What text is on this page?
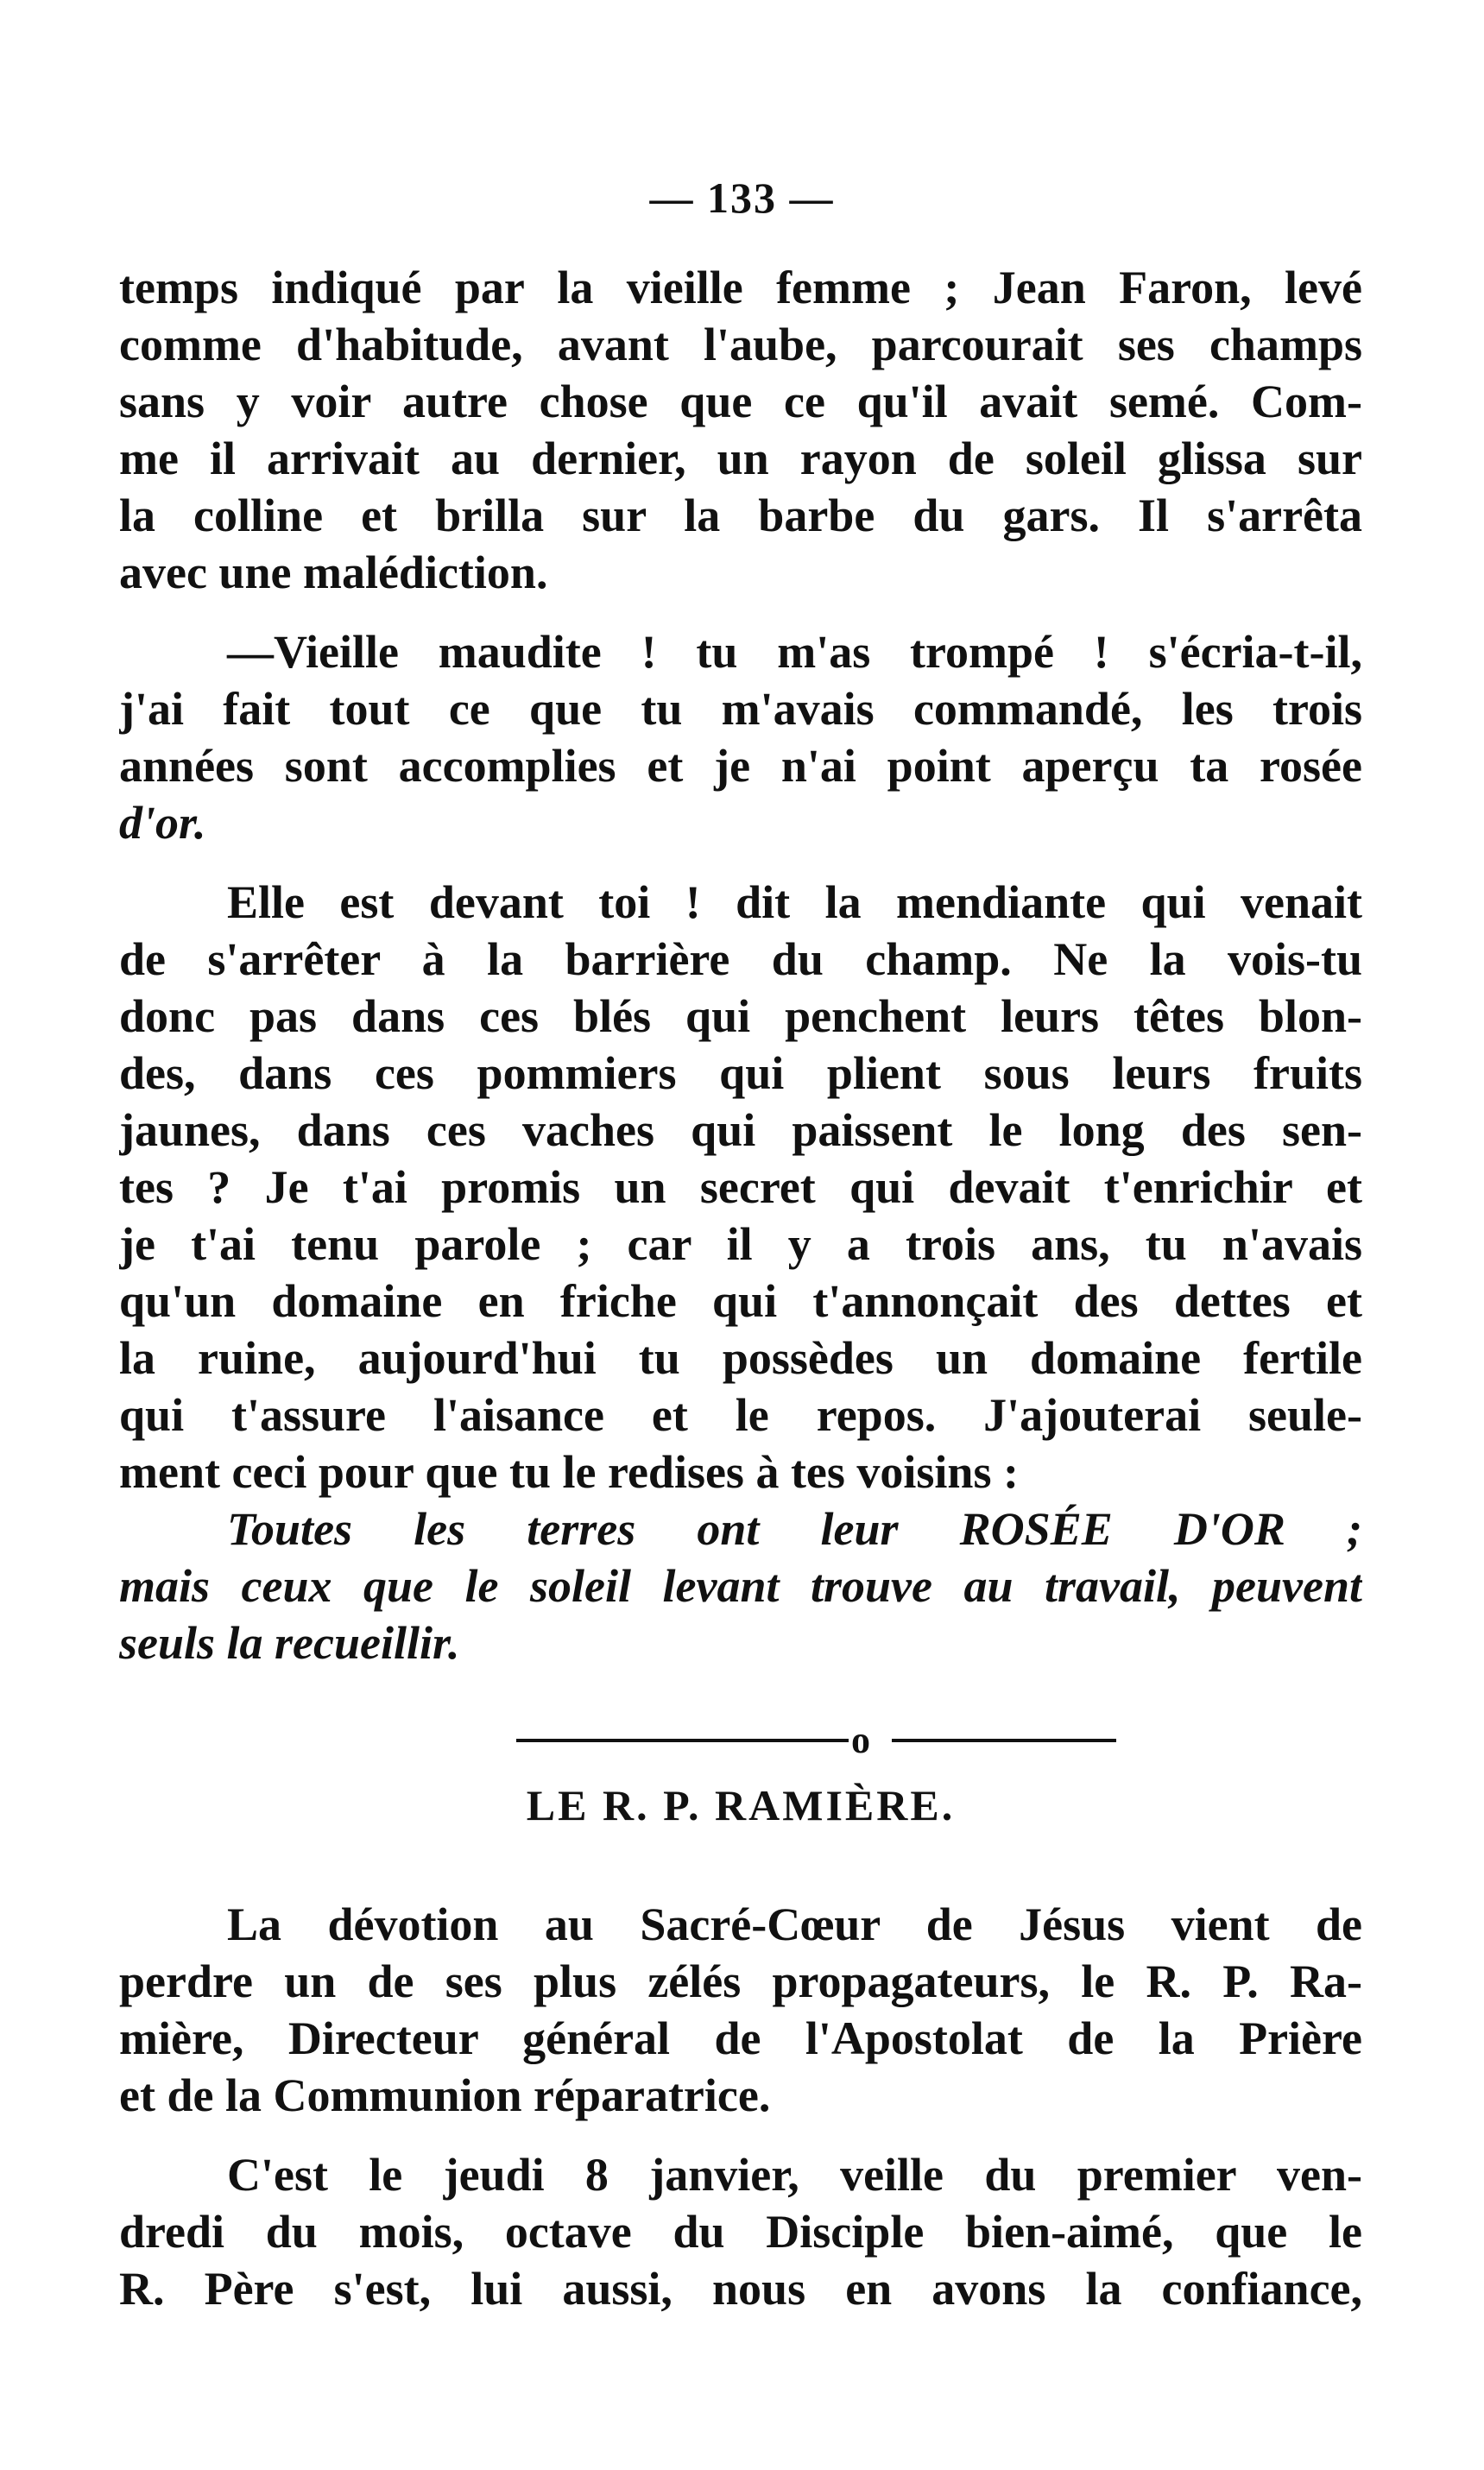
— 133 —
temps indiqué par la vieille femme ; Jean Faron, levé
comme d'habitude, avant l'aube, parcourait ses champs
sans y voir autre chose que ce qu'il avait semé. Com-
me il arrivait au dernier, un rayon de soleil glissa sur
la colline et brilla sur la barbe du gars. Il s'arrêta
avec une malédiction.
—Vieille maudite ! tu m'as trompé ! s'écria-t-il,
j'ai fait tout ce que tu m'avais commandé, les trois
années sont accomplies et je n'ai point aperçu ta rosée
d'or.
Elle est devant toi ! dit la mendiante qui venait
de s'arrêter à la barrière du champ. Ne la vois-tu
donc pas dans ces blés qui penchent leurs têtes blon-
des, dans ces pommiers qui plient sous leurs fruits
jaunes, dans ces vaches qui paissent le long des sen-
tes ? Je t'ai promis un secret qui devait t'enrichir et
je t'ai tenu parole ; car il y a trois ans, tu n'avais
qu'un domaine en friche qui t'annonçait des dettes et
la ruine, aujourd'hui tu possèdes un domaine fertile
qui t'assure l'aisance et le repos. J'ajouterai seule-
ment ceci pour que tu le redises à tes voisins :
Toutes les terres ont leur ROSÉE D'OR ;
mais ceux que le soleil levant trouve au travail, peuvent
seuls la recueillir.
o
LE R. P. RAMIÈRE.
La dévotion au Sacré-Cœur de Jésus vient de
perdre un de ses plus zélés propagateurs, le R. P. Ra-
mière, Directeur général de l'Apostolat de la Prière
et de la Communion réparatrice.
C'est le jeudi 8 janvier, veille du premier ven-
dredi du mois, octave du Disciple bien-aimé, que le
R. Père s'est, lui aussi, nous en avons la confiance,
